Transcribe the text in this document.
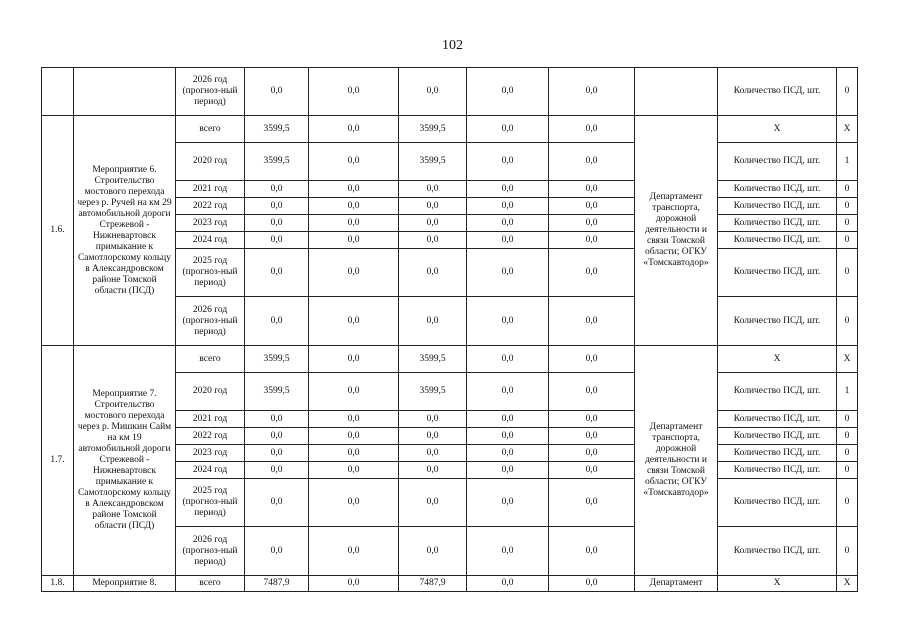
102
		2026 год (прогноз-ный период)	0,0	0,0	0,0	0,0	0,0		Количество ПСД, шт.	0
1.6.	Мероприятие 6. Строительство мостового перехода через р. Ручей на км 29 автомобильной дороги Стрежевой - Нижневартовск примыкание к Самотлорскому кольцу в Александровском районе Томской области (ПСД)	всего	3599,5	0,0	3599,5	0,0	0,0	Департамент транспорта, дорожной деятельности и связи Томской области; ОГКУ «Томскавтодор»	Х	Х
		2020 год	3599,5	0,0	3599,5	0,0	0,0		Количество ПСД, шт.	1
		2021 год	0,0	0,0	0,0	0,0	0,0		Количество ПСД, шт.	0
		2022 год	0,0	0,0	0,0	0,0	0,0		Количество ПСД, шт.	0
		2023 год	0,0	0,0	0,0	0,0	0,0		Количество ПСД, шт.	0
		2024 год	0,0	0,0	0,0	0,0	0,0		Количество ПСД, шт.	0
		2025 год (прогноз-ный период)	0,0	0,0	0,0	0,0	0,0		Количество ПСД, шт.	0
		2026 год (прогноз-ный период)	0,0	0,0	0,0	0,0	0,0		Количество ПСД, шт.	0
1.7.	Мероприятие 7. Строительство мостового перехода через р. Мишкин Сайм на км 19 автомобильной дороги Стрежевой - Нижневартовск примыкание к Самотлорскому кольцу в Александровском районе Томской области (ПСД)	всего	3599,5	0,0	3599,5	0,0	0,0	Департамент транспорта, дорожной деятельности и связи Томской области; ОГКУ «Томскавтодор»	Х	Х
		2020 год	3599,5	0,0	3599,5	0,0	0,0		Количество ПСД, шт.	1
		2021 год	0,0	0,0	0,0	0,0	0,0		Количество ПСД, шт.	0
		2022 год	0,0	0,0	0,0	0,0	0,0		Количество ПСД, шт.	0
		2023 год	0,0	0,0	0,0	0,0	0,0		Количество ПСД, шт.	0
		2024 год	0,0	0,0	0,0	0,0	0,0		Количество ПСД, шт.	0
		2025 год (прогноз-ный период)	0,0	0,0	0,0	0,0	0,0		Количество ПСД, шт.	0
		2026 год (прогноз-ный период)	0,0	0,0	0,0	0,0	0,0		Количество ПСД, шт.	0
1.8.	Мероприятие 8.	всего	7487,9	0,0	7487,9	0,0	0,0	Департамент	Х	Х
